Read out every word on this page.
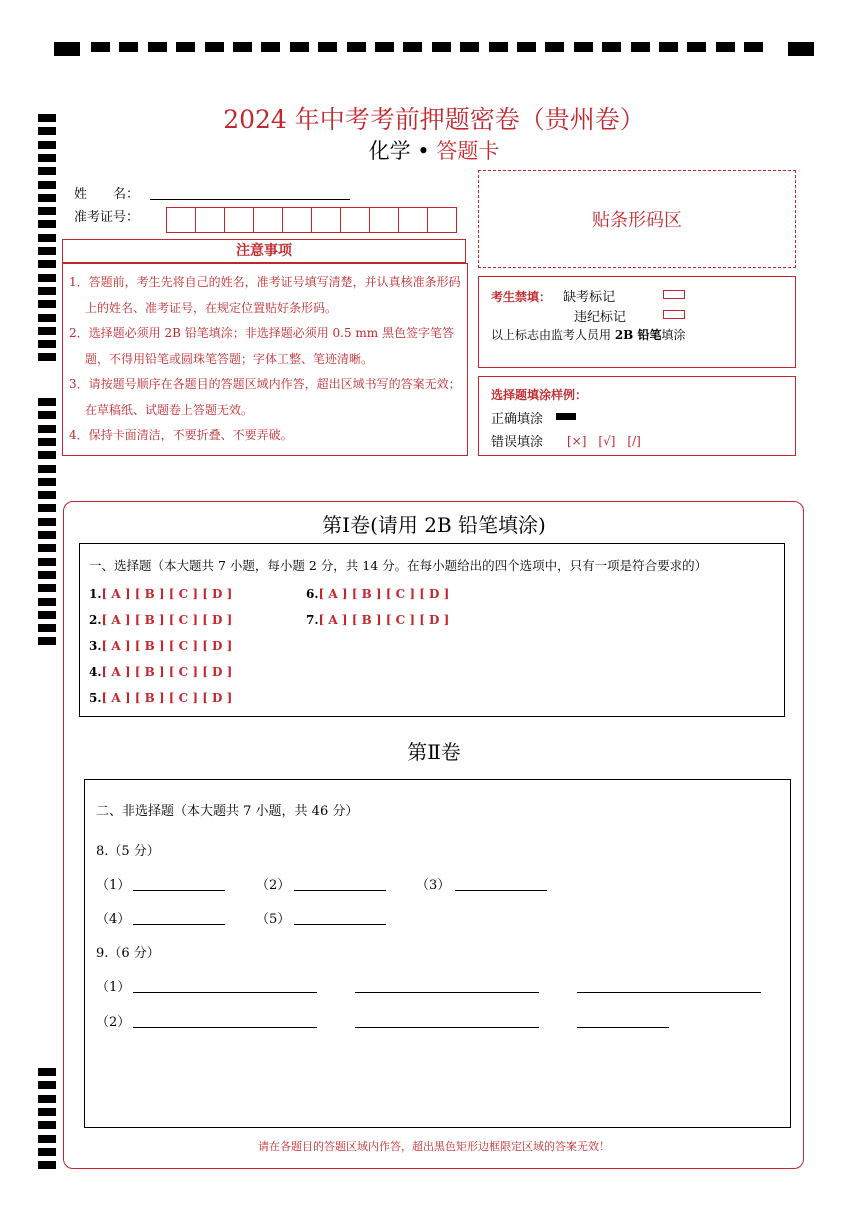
2024 年中考考前押题密卷（贵州卷）
化学 • 答题卡
姓　　名：
准考证号：	贴条形码区
注意事项

1．答题前，考生先将自己的姓名，准考证号填写清楚，并认真核准条形码上的姓名、准考证号，在规定位置贴好条形码。

2．选择题必须用 2B 铅笔填涂；非选择题必须用 0.5 mm 黑色签字笔答题，不得用铅笔或圆珠笔答题；字体工整、笔迹清晰。

3．请按题号顺序在各题目的答题区域内作答，超出区域书写的答案无效；在草稿纸、试题卷上答题无效。

4．保持卡面清洁，不要折叠、不要弄破。

考生禁填： 缺考标记
违纪标记
以上标志由监考人员用 2B 铅笔填涂
选择题填涂样例：
正确填涂
错误填涂 [×]　[√]　[/]
第Ⅰ卷(请用 2B 铅笔填涂)
一、选择题（本大题共 7 小题，每小题 2 分，共 14 分。在每小题给出的四个选项中，只有一项是符合要求的）
1.[ A ] [ B ] [ C ] [ D ]
2.[ A ] [ B ] [ C ] [ D ]
3.[ A ] [ B ] [ C ] [ D ]
4.[ A ] [ B ] [ C ] [ D ]
5.[ A ] [ B ] [ C ] [ D ]
6.[ A ] [ B ] [ C ] [ D ]
7.[ A ] [ B ] [ C ] [ D ]
第Ⅱ卷
二、非选择题（本大题共 7 小题，共 46 分）
8.（5 分）
（1）	（2）	（3）
（4）	（5）
9.（6 分）
（1）
（2）
请在各题目的答题区域内作答，超出黑色矩形边框限定区域的答案无效！
